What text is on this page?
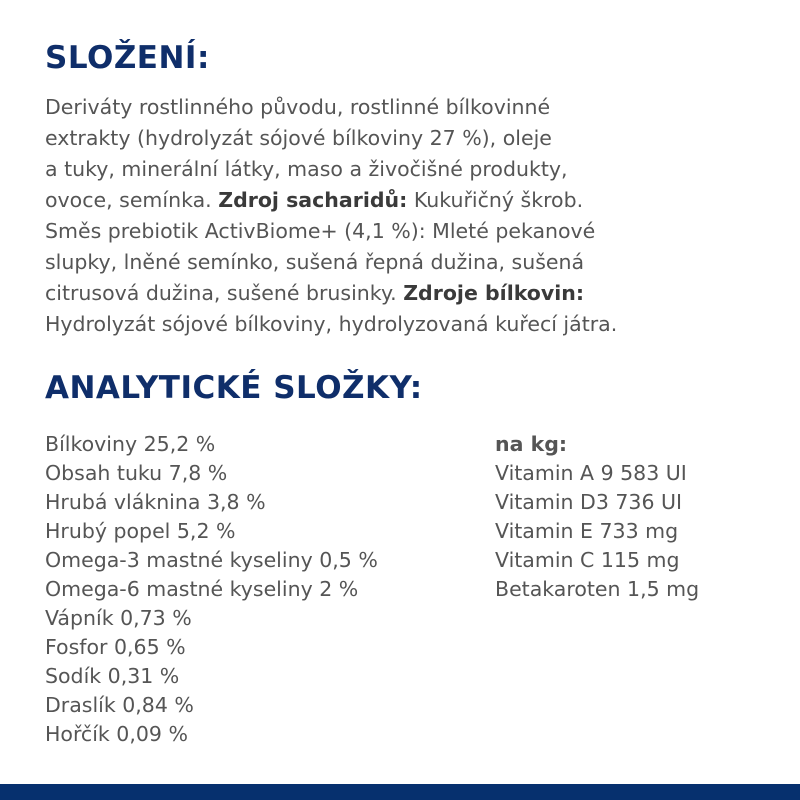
SLOŽENÍ:
Deriváty rostlinného původu, rostlinné bílkovinné
extrakty (hydrolyzát sójové bílkoviny 27 %), oleje
a tuky, minerální látky, maso a živočišné produkty,
ovoce, semínka. Zdroj sacharidů: Kukuřičný škrob.
Směs prebiotik ActivBiome+ (4,1 %): Mleté pekanové
slupky, lněné semínko, sušená řepná dužina, sušená
citrusová dužina, sušené brusinky. Zdroje bílkovin:
Hydrolyzát sójové bílkoviny, hydrolyzovaná kuřecí játra.
ANALYTICKÉ SLOŽKY:
Bílkoviny 25,2 %
Obsah tuku 7,8 %
Hrubá vláknina 3,8 %
Hrubý popel 5,2 %
Omega-3 mastné kyseliny 0,5 %
Omega-6 mastné kyseliny 2 %
Vápník 0,73 %
Fosfor 0,65 %
Sodík 0,31 %
Draslík 0,84 %
Hořčík 0,09 %
na kg:
Vitamin A 9 583 UI
Vitamin D3 736 UI
Vitamin E 733 mg
Vitamin C 115 mg
Betakaroten 1,5 mg
